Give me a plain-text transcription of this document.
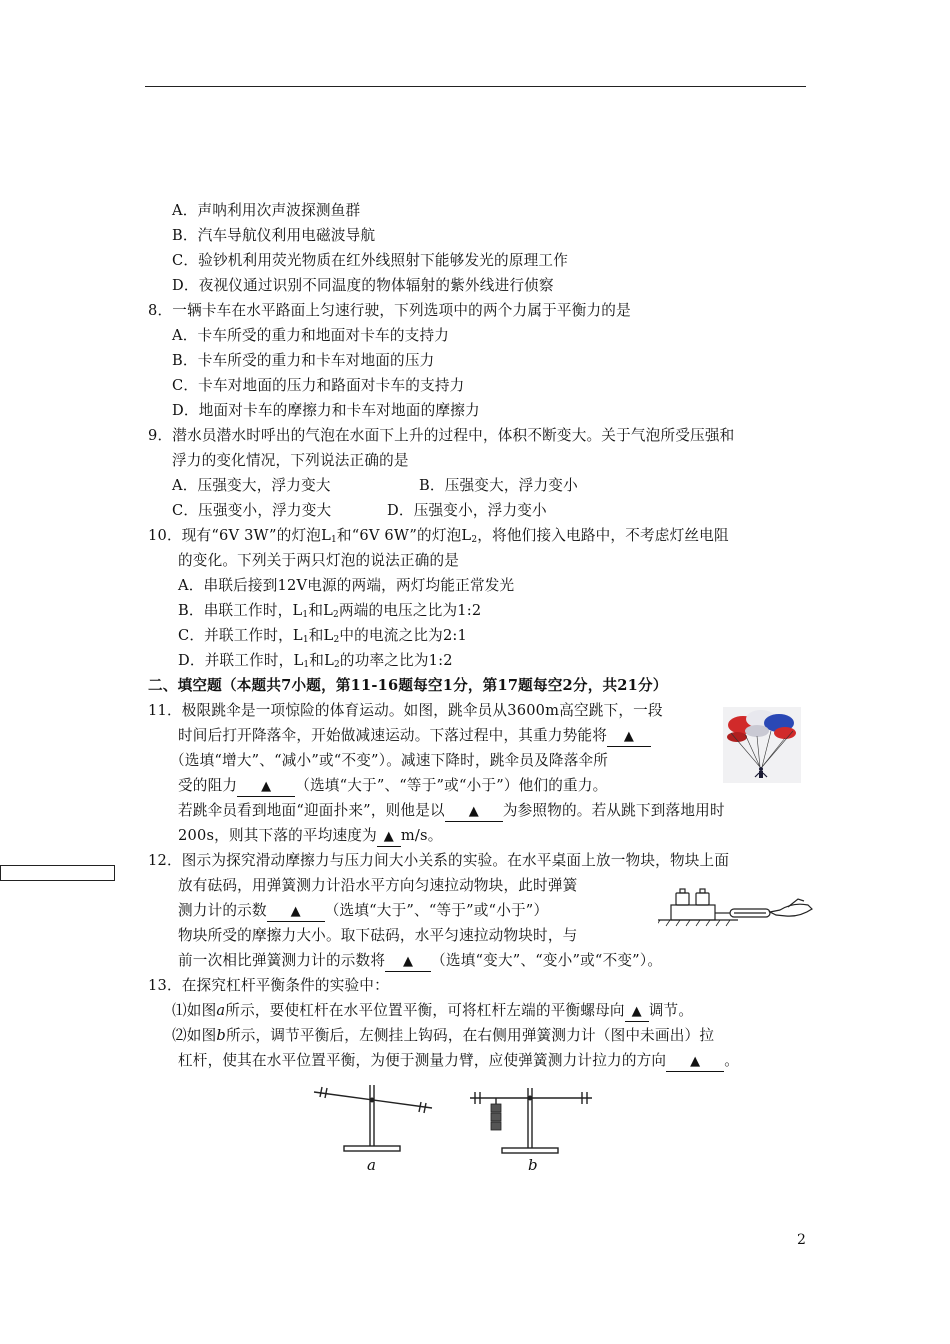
A．声呐利用次声波探测鱼群
B．汽车导航仪利用电磁波导航
C．验钞机利用荧光物质在红外线照射下能够发光的原理工作
D．夜视仪通过识别不同温度的物体辐射的紫外线进行侦察
8．一辆卡车在水平路面上匀速行驶，下列选项中的两个力属于平衡力的是
A．卡车所受的重力和地面对卡车的支持力
B．卡车所受的重力和卡车对地面的压力
C．卡车对地面的压力和路面对卡车的支持力
D．地面对卡车的摩擦力和卡车对地面的摩擦力
9．潜水员潜水时呼出的气泡在水面下上升的过程中，体积不断变大。关于气泡所受压强和
浮力的变化情况，下列说法正确的是
A．压强变大，浮力变大	B．压强变大，浮力变小
C．压强变小，浮力变大	D．压强变小，浮力变小
10．现有“6V 3W”的灯泡$L_1$和“6V 6W”的灯泡$L_2$，将他们接入电路中，不考虑灯丝电阻
的变化。下列关于两只灯泡的说法正确的是
A．串联后接到12V电源的两端，两灯均能正常发光
B．串联工作时，$L_1$和$L_2$两端的电压之比为1:2
C．并联工作时，$L_1$和$L_2$中的电流之比为2:1
D．并联工作时，$L_1$和$L_2$的功率之比为1:2
二、填空题（本题共7小题，第11-16题每空1分，第17题每空2分，共21分）
11．极限跳伞是一项惊险的体育运动。如图，跳伞员从3600m高空跳下，一段
时间后打开降落伞，开始做减速运动。下落过程中，其重力势能将 ▲
（选填“增大”、“减小”或“不变”）。减速下降时，跳伞员及降落伞所
受的阻力 ▲ （选填“大于”、“等于”或“小于”）他们的重力。
若跳伞员看到地面“迎面扑来”，则他是以 ▲ 为参照物的。若从跳下到落地用时
200s，则其下落的平均速度为 ▲ m/s。
12．图示为探究滑动摩擦力与压力间大小关系的实验。在水平桌面上放一物块，物块上面
放有砝码，用弹簧测力计沿水平方向匀速拉动物块，此时弹簧
测力计的示数 ▲ （选填“大于”、“等于”或“小于”）
物块所受的摩擦力大小。取下砝码，水平匀速拉动物块时，与
前一次相比弹簧测力计的示数将 ▲ （选填“变大”、“变小”或“不变”）。
13．在探究杠杆平衡条件的实验中：
⑴如图a所示，要使杠杆在水平位置平衡，可将杠杆左端的平衡螺母向 ▲ 调节。
⑵如图b所示，调节平衡后，左侧挂上钩码，在右侧用弹簧测力计（图中未画出）拉
杠杆，使其在水平位置平衡，为便于测量力臂，应使弹簧测力计拉力的方向 ▲ 。
a	b
2
